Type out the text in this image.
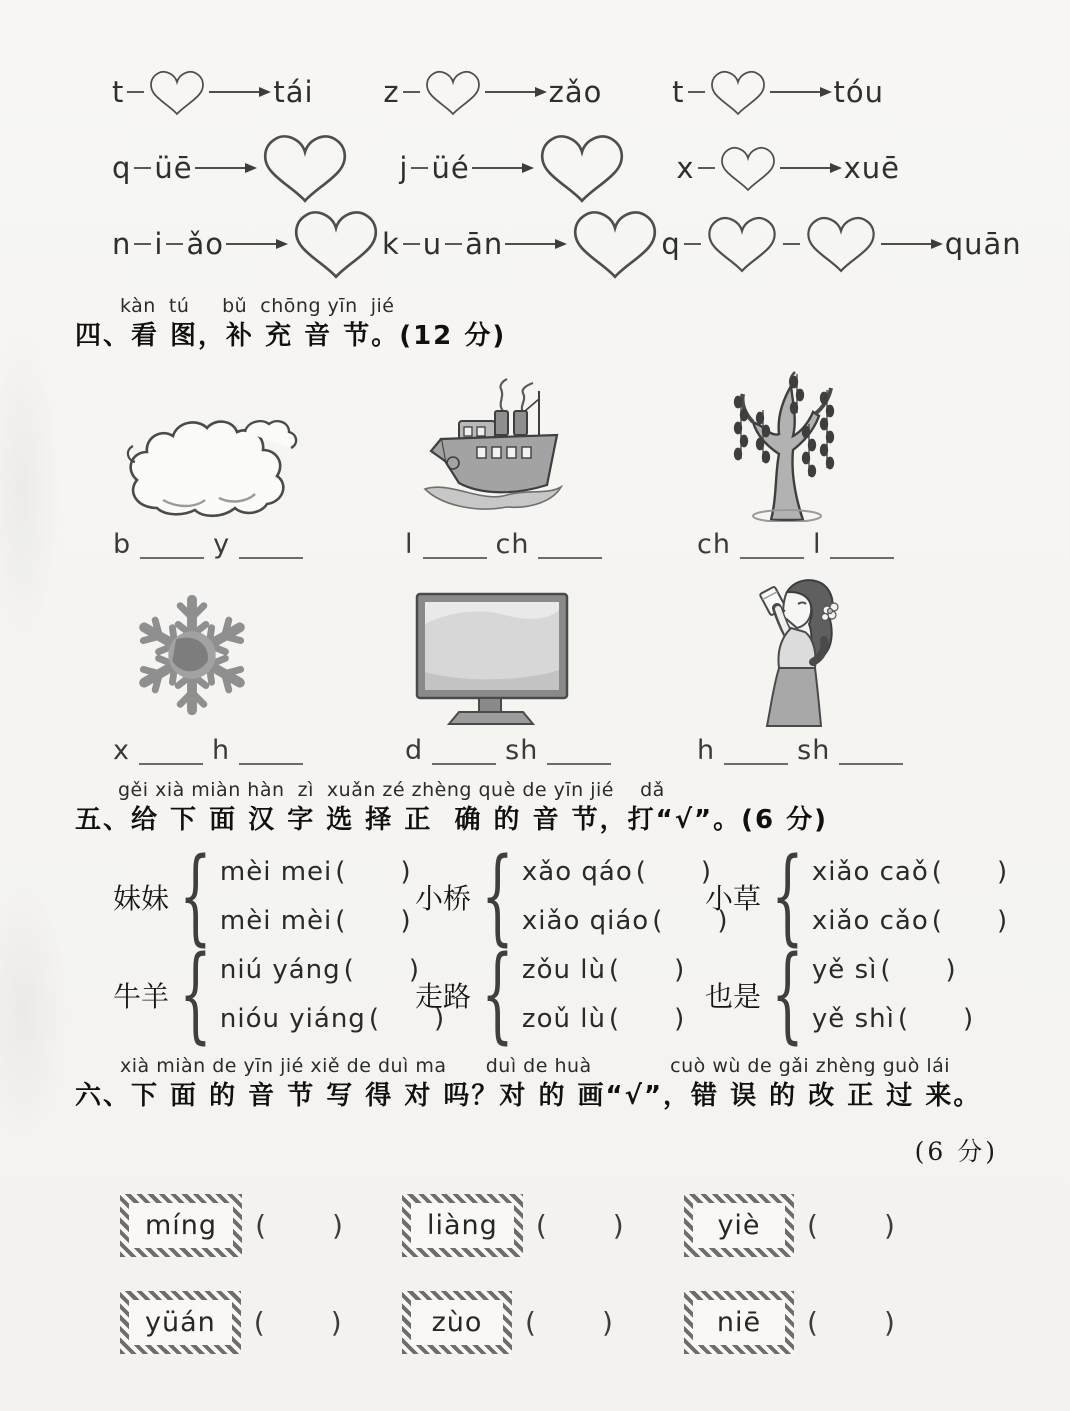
t	tái z	zǎo t	tóu
q üē	j üé	x	xuē
n i ǎo	k u ān	q	quān
kàn  tú     bǔ  chōng yīn  jié
四、看 图，补 充 音 节。(12 分)
b	y	l	ch	ch	l
x	h	d	sh	h	sh
gěi xià miàn hàn  zì  xuǎn zé zhèng què de yīn jié    dǎ
五、给 下 面 汉 字 选 择 正  确 的 音 节，打“√”。(6 分)
妹妹 { mèi mei ( )
mèi mèi ( )
小桥 { xǎo qáo ( )
xiǎo qiáo ( )
小草 { xiǎo caǒ ( )
xiǎo cǎo ( )
牛羊 { niú yáng ( )
nióu yiáng ( )
走路 { zǒu lù ( )
zoǔ lù ( )
也是 { yě sì ( )
yě shì ( )
xià miàn de yīn jié xiě de duì ma      duì de huà            cuò wù de gǎi zhèng guò lái
六、下 面 的 音 节 写 得 对 吗？对 的 画“√”，错 误 的 改 正 过 来。
(6 分)
míng	( )	liàng	( )	yiè	( )
yüán	( )	zùo	( )	niē	( )
